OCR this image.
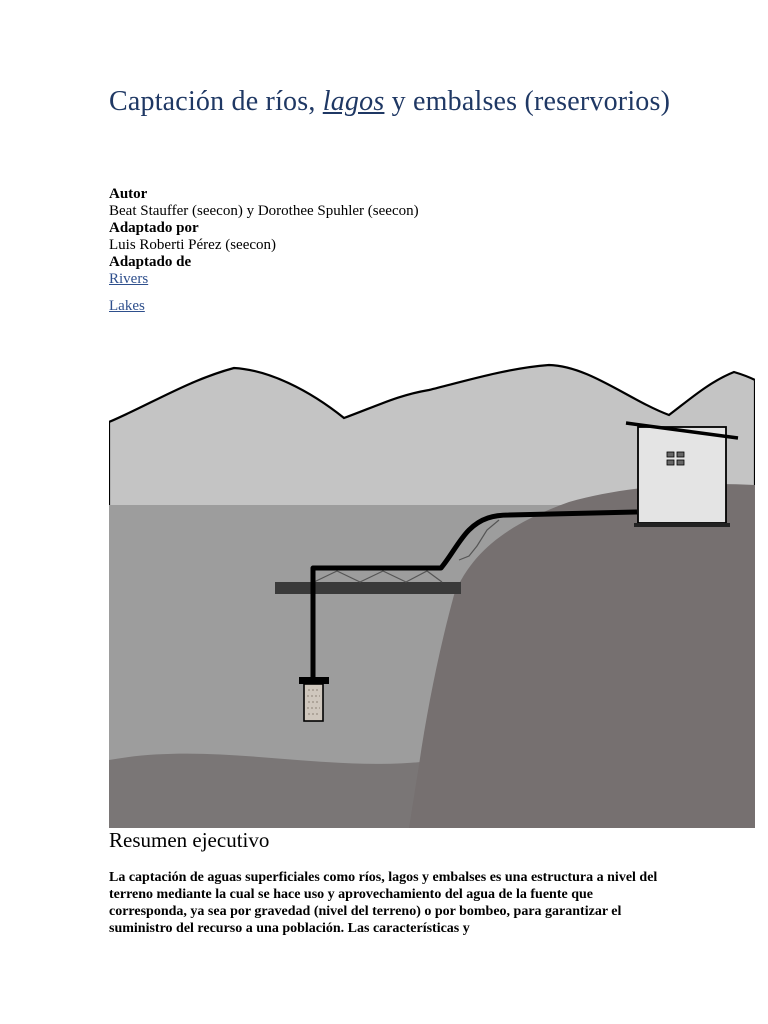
Captación de ríos, lagos y embalses (reservorios)
Autor
Beat Stauffer (seecon) y Dorothee Spuhler (seecon)
Adaptado por
Luis Roberti Pérez (seecon)
Adaptado de
Rivers
Lakes
Resumen ejecutivo

La captación de aguas superficiales como ríos, lagos y embalses es una estructura a nivel del terreno mediante la cual se hace uso y aprovechamiento del agua de la fuente que corresponda, ya sea por gravedad (nivel del terreno) o por bombeo, para garantizar el suministro del recurso a una población. Las características y
